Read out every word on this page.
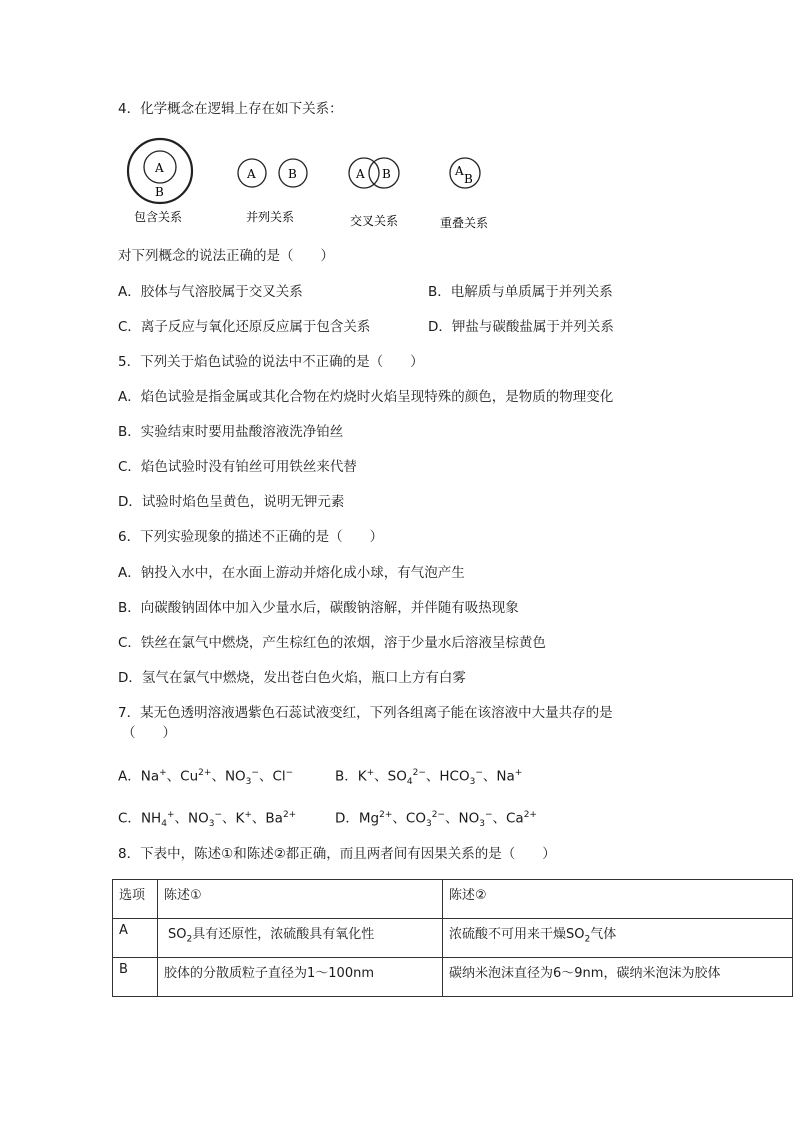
4．化学概念在逻辑上存在如下关系：
A
B
包含关系
A	B
并列关系
A B
交叉关系
A
B
重叠关系
对下列概念的说法正确的是（　　）
A．胶体与气溶胶属于交叉关系	B．电解质与单质属于并列关系
C．离子反应与氧化还原反应属于包含关系	D．钾盐与碳酸盐属于并列关系
5．下列关于焰色试验的说法中不正确的是（　　）
A．焰色试验是指金属或其化合物在灼烧时火焰呈现特殊的颜色，是物质的物理变化
B．实验结束时要用盐酸溶液洗净铂丝
C．焰色试验时没有铂丝可用铁丝来代替
D．试验时焰色呈黄色，说明无钾元素
6．下列实验现象的描述不正确的是（　　）
A．钠投入水中，在水面上游动并熔化成小球，有气泡产生
B．向碳酸钠固体中加入少量水后，碳酸钠溶解，并伴随有吸热现象
C．铁丝在氯气中燃烧，产生棕红色的浓烟，溶于少量水后溶液呈棕黄色
D．氢气在氯气中燃烧，发出苍白色火焰，瓶口上方有白雾
7．某无色透明溶液遇紫色石蕊试液变红，下列各组离子能在该溶液中大量共存的是
（　　）
A．Na+、$Cu^{2+}$、$NO_3^-$、Cl−	B．K+、$SO_4^{2-}$、$HCO_3^-$、Na+
C．$NH_4^+$、$NO_3^-$、K+、$Ba^{2+}$	D．$Mg^{2+}$、$CO_3^{2-}$、$NO_3^-$、$Ca^{2+}$
8．下表中，陈述①和陈述②都正确，而且两者间有因果关系的是（　　）
选项	陈述①	陈述②
A	$SO_2$具有还原性，浓硫酸具有氧化性	浓硫酸不可用来干燥$SO_2$气体
B	胶体的分散质粒子直径为1～100nm	碳纳米泡沫直径为6～9nm，碳纳米泡沫为胶体
